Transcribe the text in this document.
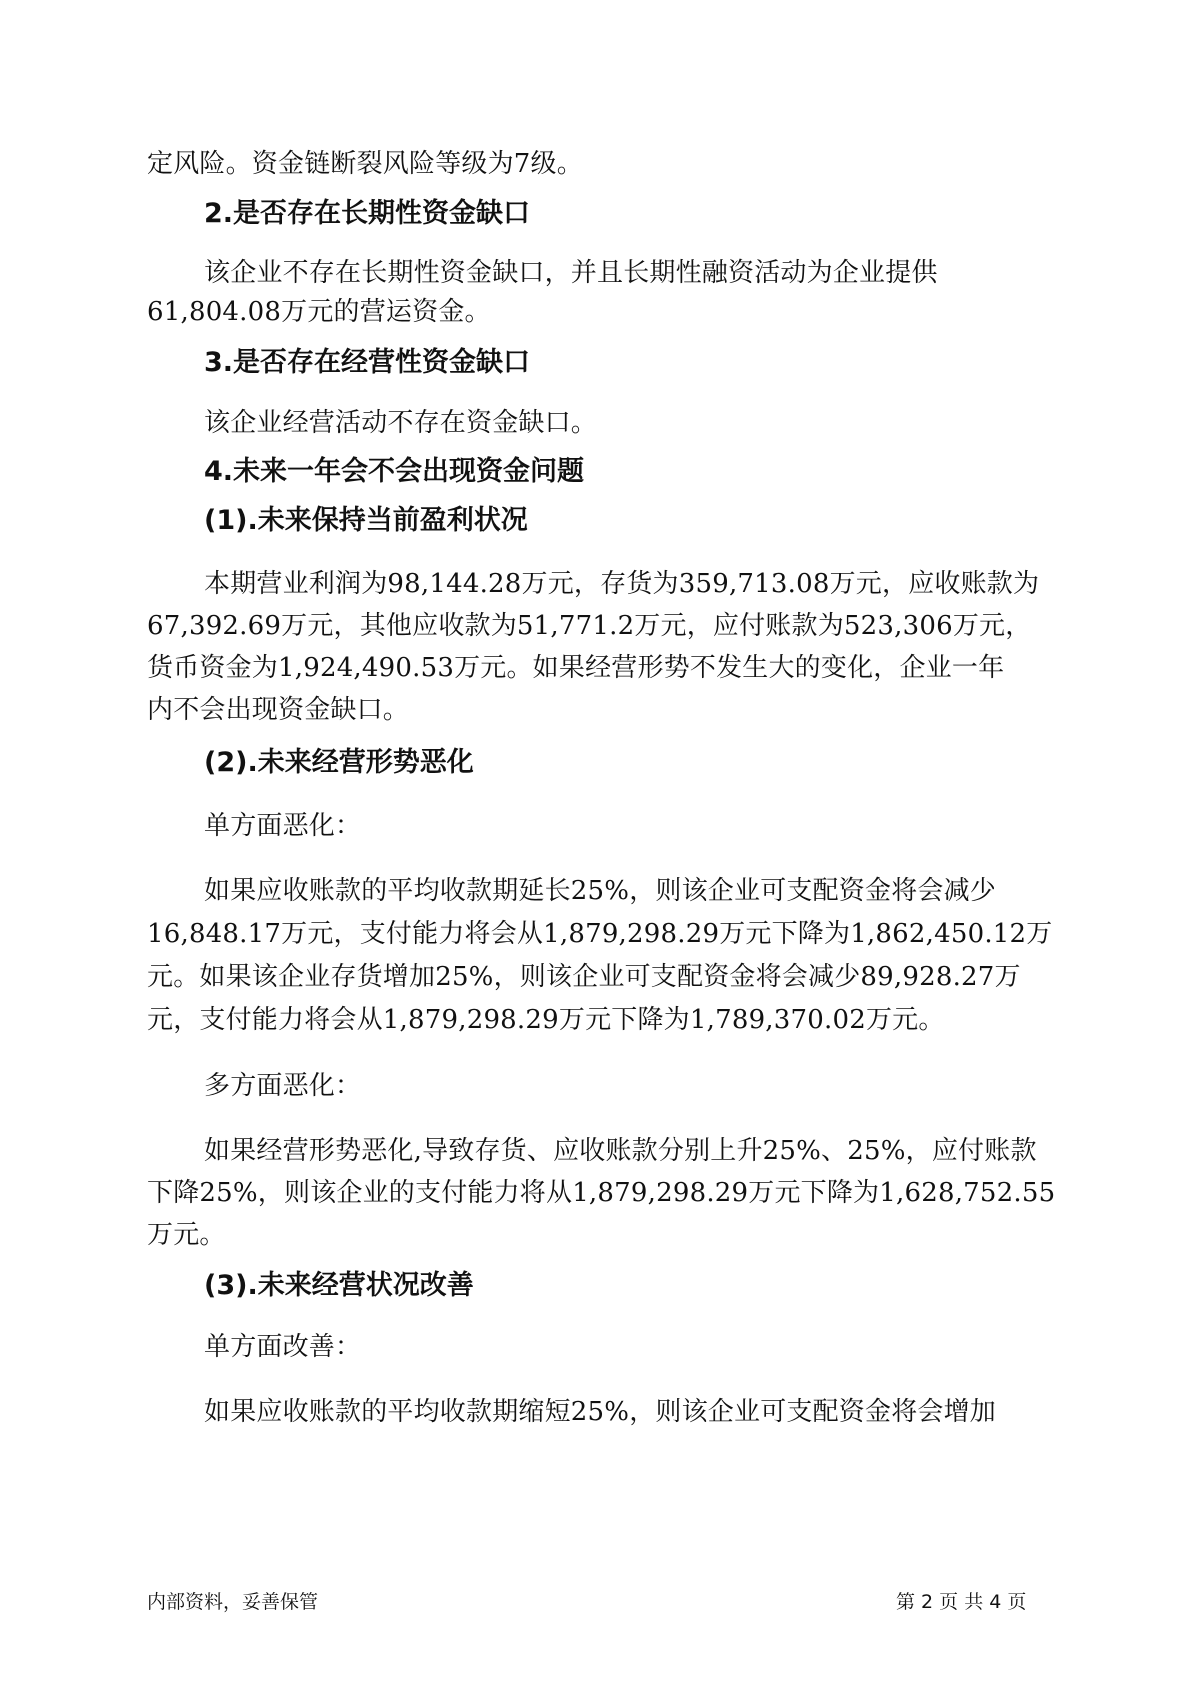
定风险。资金链断裂风险等级为7级。
2.是否存在长期性资金缺口
该企业不存在长期性资金缺口，并且长期性融资活动为企业提供
61,804.08万元的营运资金。
3.是否存在经营性资金缺口
该企业经营活动不存在资金缺口。
4.未来一年会不会出现资金问题
(1).未来保持当前盈利状况
本期营业利润为98,144.28万元，存货为359,713.08万元，应收账款为
67,392.69万元，其他应收款为51,771.2万元，应付账款为523,306万元，
货币资金为1,924,490.53万元。如果经营形势不发生大的变化，企业一年
内不会出现资金缺口。
(2).未来经营形势恶化
单方面恶化：
如果应收账款的平均收款期延长25%，则该企业可支配资金将会减少
16,848.17万元，支付能力将会从1,879,298.29万元下降为1,862,450.12万
元。如果该企业存货增加25%，则该企业可支配资金将会减少89,928.27万
元，支付能力将会从1,879,298.29万元下降为1,789,370.02万元。
多方面恶化：
如果经营形势恶化,导致存货、应收账款分别上升25%、25%，应付账款
下降25%，则该企业的支付能力将从1,879,298.29万元下降为1,628,752.55
万元。
(3).未来经营状况改善
单方面改善：
如果应收账款的平均收款期缩短25%，则该企业可支配资金将会增加
内部资料，妥善保管	第 2 页 共 4 页
